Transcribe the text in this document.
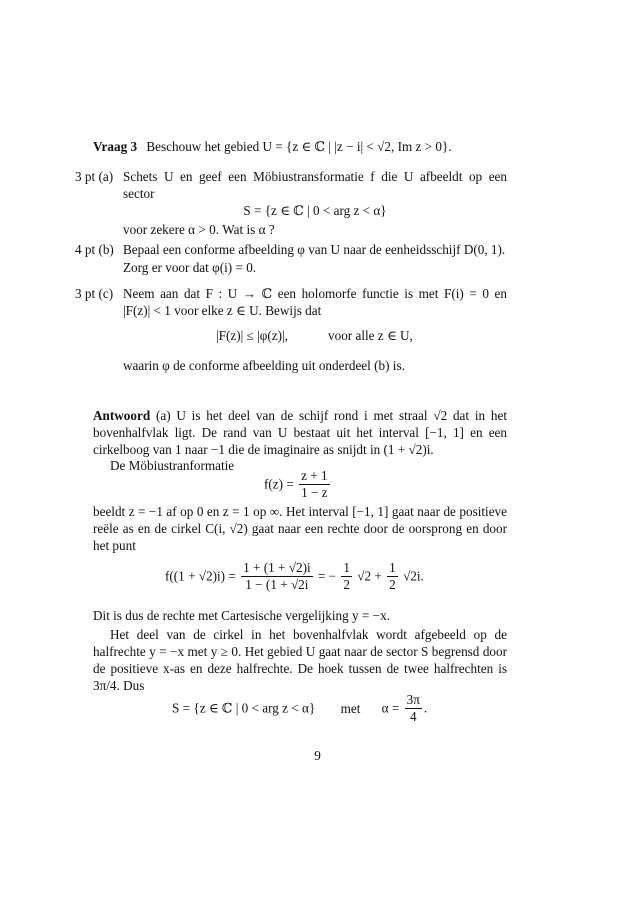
Vraag 3 Beschouw het gebied U = {z ∈ ℂ | |z − i| < √2, Im z > 0}.
3 pt (a) Schets U en geef een Möbiustransformatie f die U afbeeldt op een
sector
S = {z ∈ ℂ | 0 < arg z < α}
voor zekere α > 0. Wat is α ?
4 pt (b) Bepaal een conforme afbeelding φ van U naar de eenheidsschijf D(0, 1).
Zorg er voor dat φ(i) = 0.
3 pt (c) Neem aan dat F : U → ℂ een holomorfe functie is met F(i) = 0 en
|F(z)| < 1 voor elke z ∈ U. Bewijs dat
|F(z)| ≤ |φ(z)|,	voor alle z ∈ U,
waarin φ de conforme afbeelding uit onderdeel (b) is.
Antwoord (a) U is het deel van de schijf rond i met straal √2 dat in het bovenhalfvlak ligt. De rand van U bestaat uit het interval [−1, 1] en een cirkelboog van 1 naar −1 die de imaginaire as snijdt in (1 + √2)i.
De Möbiustranformatie
$f(z) = \frac{z + 1}{1 - z}$
beeldt z = −1 af op 0 en z = 1 op ∞. Het interval [−1, 1] gaat naar de positieve reële as en de cirkel C(i, √2) gaat naar een rechte door de oorsprong en door het punt
$f((1 + √2)i) = \frac{1 + (1 + √2)i}{1 - (1 + √2i}$ = − $\frac{1}{2} √2 + \frac{1}{2} √2i$.
Dit is dus de rechte met Cartesische vergelijking y = −x.
Het deel van de cirkel in het bovenhalfvlak wordt afgebeeld op de halfrechte y = −x met y ≥ 0. Het gebied U gaat naar de sector S begrensd door de positieve x-as en deze halfrechte. De hoek tussen de twee halfrechten is 3π/4. Dus
S = {z ∈ ℂ | 0 < arg z < α} met $\alpha = \frac{3\pi}{4}$ .
9
